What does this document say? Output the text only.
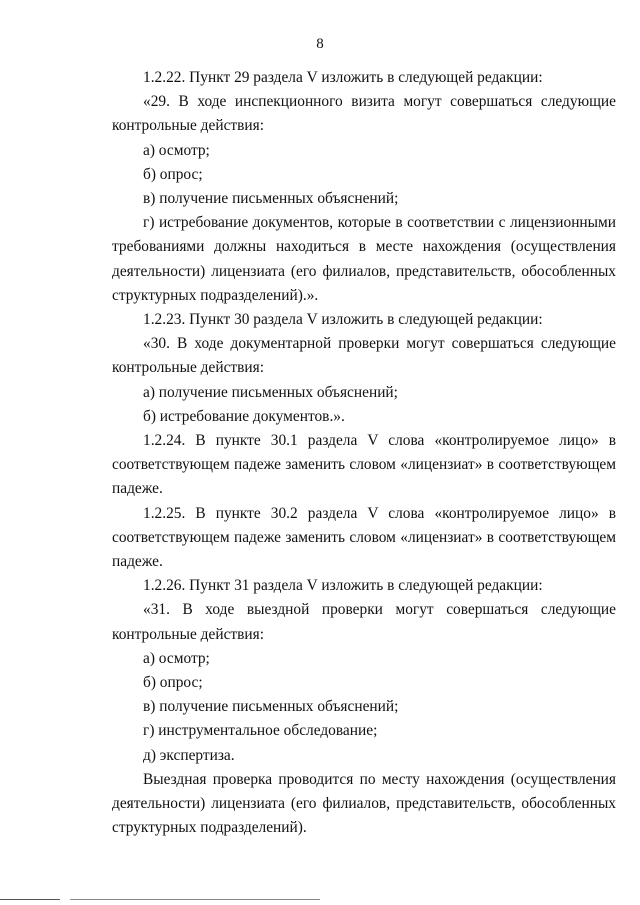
8

1.2.22. Пункт 29 раздела V изложить в следующей редакции:

«29. В ходе инспекционного визита могут совершаться следующие контрольные действия:

а) осмотр;

б) опрос;

в) получение письменных объяснений;

г) истребование документов, которые в соответствии с лицензионными требованиями должны находиться в месте нахождения (осуществления деятельности) лицензиата (его филиалов, представительств, обособленных структурных подразделений).».

1.2.23. Пункт 30 раздела V изложить в следующей редакции:

«30. В ходе документарной проверки могут совершаться следующие контрольные действия:

а) получение письменных объяснений;

б) истребование документов.».

1.2.24. В пункте 30.1 раздела V слова «контролируемое лицо» в соответствующем падеже заменить словом «лицензиат» в соответствующем падеже.

1.2.25. В пункте 30.2 раздела V слова «контролируемое лицо» в соответствующем падеже заменить словом «лицензиат» в соответствующем падеже.

1.2.26. Пункт 31 раздела V изложить в следующей редакции:

«31. В ходе выездной проверки могут совершаться следующие контрольные действия:

а) осмотр;

б) опрос;

в) получение письменных объяснений;

г) инструментальное обследование;

д) экспертиза.

Выездная проверка проводится по месту нахождения (осуществления деятельности) лицензиата (его филиалов, представительств, обособленных структурных подразделений).
